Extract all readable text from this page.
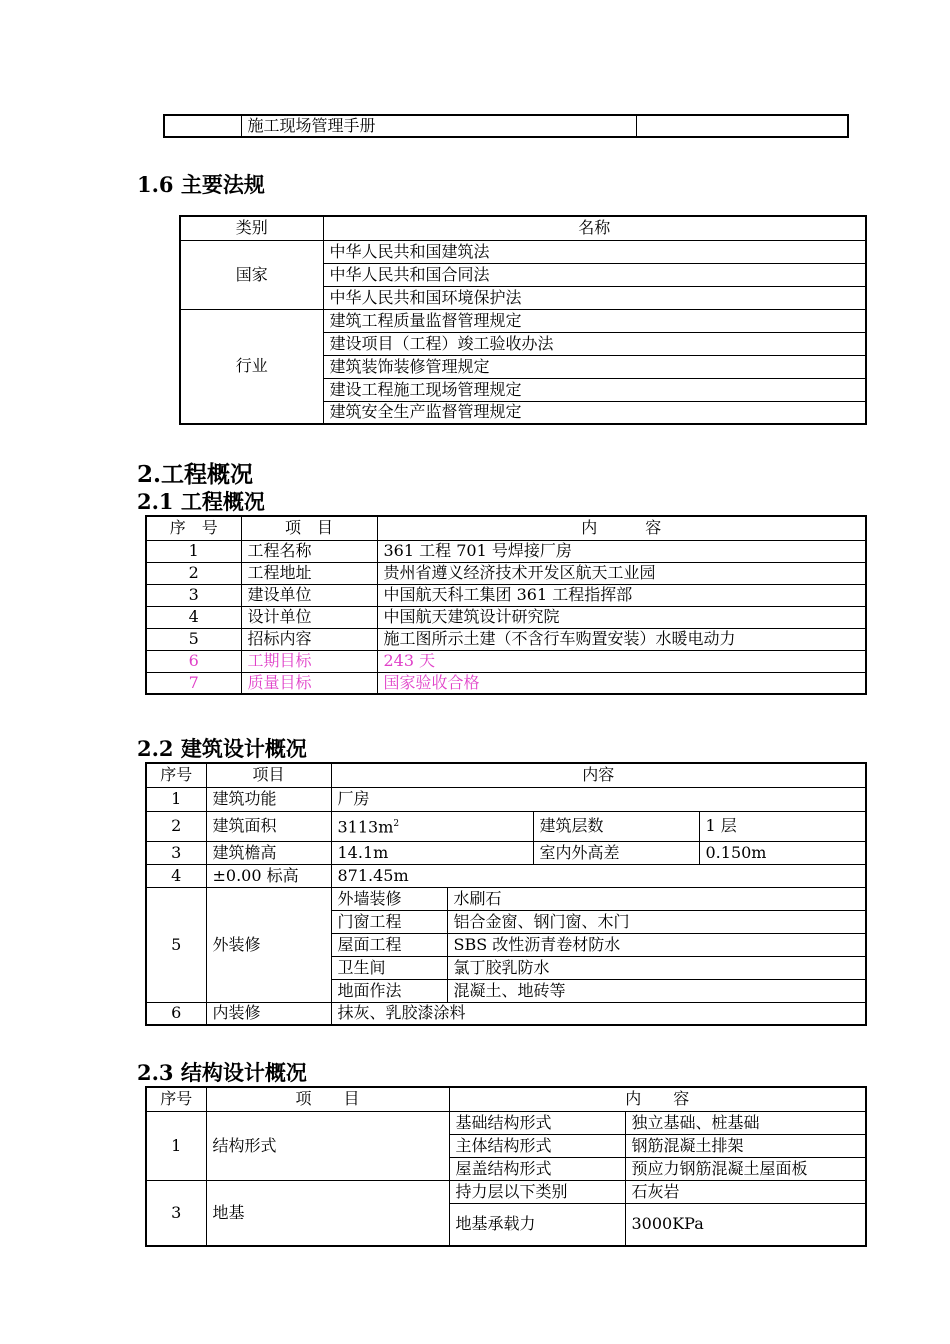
	施工现场管理手册	
1.6 主要法规
类别	名称
国家	中华人民共和国建筑法
	中华人民共和国合同法
	中华人民共和国环境保护法
行业	建筑工程质量监督管理规定
	建设项目（工程）竣工验收办法
	建筑装饰装修管理规定
	建设工程施工现场管理规定
	建筑安全生产监督管理规定
2.工程概况
2.1 工程概况
序　号	项　目	内　　　容
1	工程名称	361 工程 701 号焊接厂房
2	工程地址	贵州省遵义经济技术开发区航天工业园
3	建设单位	中国航天科工集团 361 工程指挥部
4	设计单位	中国航天建筑设计研究院
5	招标内容	施工图所示土建（不含行车购置安装）水暖电动力
6	工期目标	243 天
7	质量目标	国家验收合格
2.2 建筑设计概况
序号	项目	内容			
1	建筑功能	厂房			
2	建筑面积	$3113m^2$		建筑层数	1 层
3	建筑檐高	14.1m		室内外高差	0.150m
4	±0.00 标高	871.45m			
5	外装修	外墙装修	水刷石		
		门窗工程	铝合金窗、钢门窗、木门		
		屋面工程	SBS 改性沥青卷材防水		
		卫生间	氯丁胶乳防水		
		地面作法	混凝土、地砖等		
6	内装修	抹灰、乳胶漆涂料			
2.3 结构设计概况
序号	项　　目	内　　容	
1	结构形式	基础结构形式	独立基础、桩基础
		主体结构形式	钢筋混凝土排架
		屋盖结构形式	预应力钢筋混凝土屋面板
3	地基	持力层以下类别	石灰岩
		地基承载力	3000KPa
